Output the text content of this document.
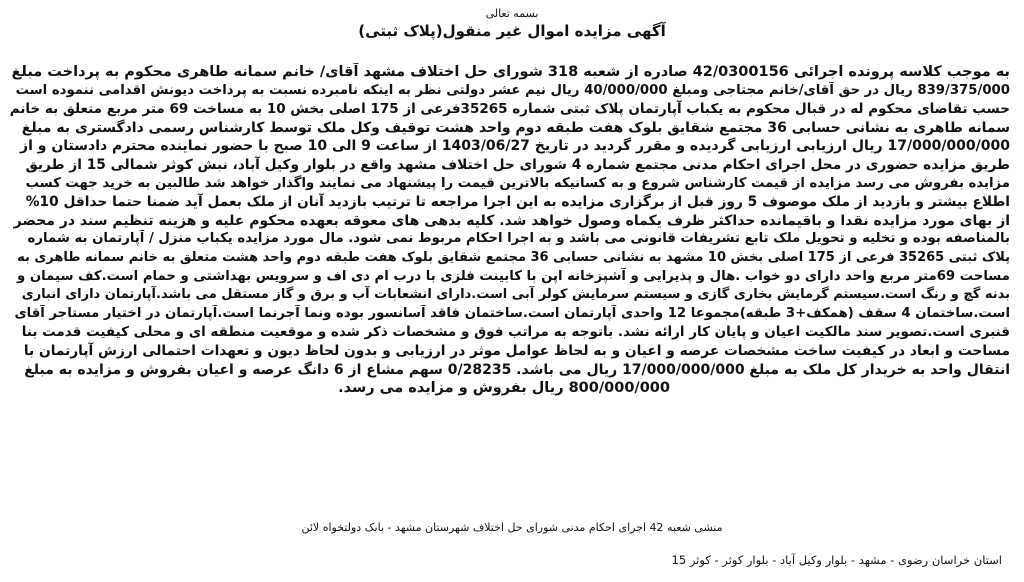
بسمه تعالی
آگهی مزایده اموال غیر منقول(پلاک ثبتی)
به موجب کلاسه پرونده اجرائی 42/0300156 صادره از شعبه 318 شورای حل اختلاف مشهد آقای/ خانم سمانه طاهری محکوم به پرداخت مبلغ
839/375/000 ریال در حق آقای/خانم مجتاجی ومبلغ 40/000/000 ریال نیم عشر دولتی نظر به اینکه نامبرده نسبت به پرداخت دیونش اقدامی ننموده است
حسب تقاضای محکوم له در قبال محکوم به یکباب آپارتمان پلاک ثبتی شماره 35265فرعی از 175 اصلی بخش 10 به مساخت 69 متر مربع متعلق به خانم
سمانه طاهری به نشانی حسابی 36 مجتمع شقایق بلوک هفت طبقه دوم واحد هشت توقیف وکل ملک توسط کارشناس رسمی دادگستری به مبلغ
17/000/000/000 ریال ارزیابی ارزیابی گردیده و مقرر گردید در تاریخ 1403/06/27 از ساعت 9 الی 10 صبح با حضور نماینده محترم دادستان و از
طریق مزایده حضوری در محل اجرای احکام مدنی مجتمع شماره 4 شورای حل اختلاف مشهد واقع در بلوار وکیل آباد، نبش کوثر شمالی 15 از طریق
مزایده بفروش می رسد مزایده از قیمت کارشناس شروع و به کسانیکه بالاترین قیمت را پیشنهاد می نمایند واگذار خواهد شد طالبین به خرید جهت کسب
اطلاع بیشتر و بازدید از ملک موصوف 5 روز قبل از برگزاری مزایده به این اجرا مراجعه تا ترتیب بازدید آنان از ملک بعمل آید ضمنا حتما حداقل 10%
از بهای مورد مزایده نقدا و باقیمانده حداکثر ظرف یکماه وصول خواهد شد. کلیه بدهی های معوقه بعهده محکوم علیه و هزینه تنظیم سند در محضر
بالمناصفه بوده و تخلیه و تحویل ملک تابع تشریفات قانونی می باشد و به اجرا احکام مربوط نمی شود. مال مورد مزایده یکباب منزل / آپارتمان به شماره
پلاک ثبتی 35265 فرعی از 175 اصلی بخش 10 مشهد به نشانی حسابی 36 مجتمع شقایق بلوک هفت طبقه دوم واحد هشت متعلق به خانم سمانه طاهری به
مساحت 69متر مربع واحد دارای دو خواب .هال و پذیرایی و آشپزخانه اپن با کابینت فلزی با درب ام دی اف و سرویس بهداشتی و حمام است.کف سیمان و
بدنه گچ و رنگ است.سیستم گرمایش بخاری گازی و سیستم سرمایش کولر آبی است.دارای انشعابات آب و برق و گاز مستقل می باشد.آپارتمان دارای انباری
است.ساختمان 4 سقف (همکف+3 طبقه)مجموعا 12 واحدی آپارتمان است.ساختمان فاقد آسانسور بوده ونما آجرنما است.آپارتمان در اختیار مستاجر آقای
قنبری است.تصویر سند مالکیت اعیان و پایان کار ارائه نشد. باتوجه به مراتب فوق و مشخصات ذکر شده و موقعیت منطقه ای و محلی کیفیت قدمت بنا
مساحت و ابعاد در کیفیت ساخت مشخصات عرصه و اعیان و به لحاظ عوامل موثر در ارزیابی و بدون لحاظ دیون و تعهدات احتمالی ارزش آپارتمان با
انتقال واحد به خریدار کل ملک به مبلغ 17/000/000/000 ریال می باشد. 0/28235 سهم مشاع از 6 دانگ عرصه و اعیان بفروش و مزایده به مبلغ
800/000/000 ریال بفروش و مزایده می رسد.
منشی شعبه 42 اجرای احکام مدنی شورای حل اختلاف شهرستان مشهد - بابک دولتخواه لائن
استان خراسان رضوی - مشهد - بلوار وکیل آباد - بلوار کوثر - کوثر 15
